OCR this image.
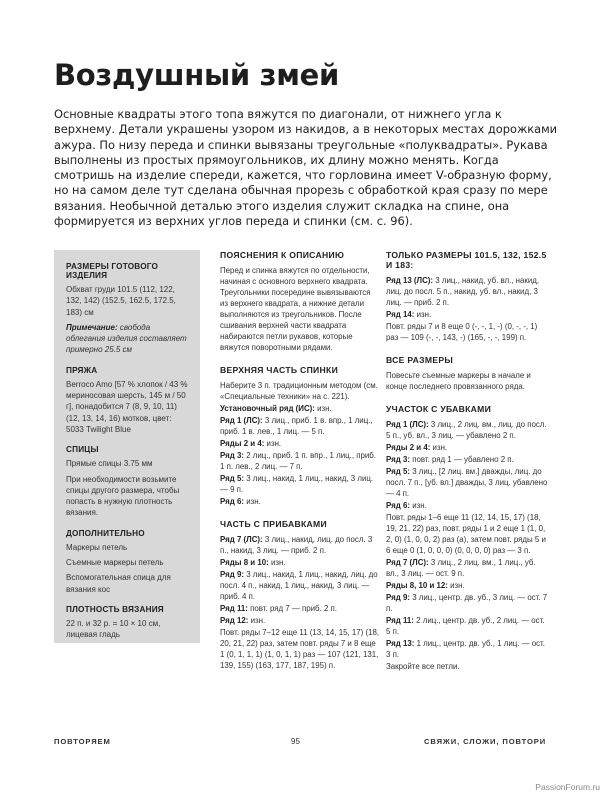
Воздушный змей

Основные квадраты этого топа вяжутся по диагонали, от нижнего угла к верхнему. Детали украшены узором из накидов, а в некоторых местах дорожками ажура. По низу переда и спинки вывязаны треугольные «полуквадраты». Рукава выполнены из простых прямоугольников, их длину можно менять. Когда смотришь на изделие спереди, кажется, что горловина имеет V-образную форму, но на самом деле тут сделана обычная прорезь с обработкой края сразу по мере вязания. Необычной деталью этого изделия служит складка на спине, она формируется из верхних углов переда и спинки (см. с. 96).

РАЗМЕРЫ ГОТОВОГО ИЗДЕЛИЯ
Обхват груди 101.5 (112, 122, 132, 142) (152.5, 162.5, 172.5, 183) см
Примечание: свобода облегания изделия составляет примерно 25.5 см
ПРЯЖА
Berroco Amo [57 % хлопок / 43 % мериносовая шерсть, 145 м / 50 г], понадобится 7 (8, 9, 10, 11) (12, 13, 14, 16) мотков, цвет: 5033 Twilight Blue
СПИЦЫ
Прямые спицы 3.75 мм
При необходимости возьмите спицы другого размера, чтобы попасть в нужную плотность вязания.
ДОПОЛНИТЕЛЬНО
Маркеры петель
Съемные маркеры петель
Вспомогательная спица для вязания кос
ПЛОТНОСТЬ ВЯЗАНИЯ
22 п. и 32 р. = 10 × 10 см, лицевая гладь
ПОЯСНЕНИЯ К ОПИСАНИЮ
Перед и спинка вяжутся по отдельности, начиная с основного верхнего квадрата. Треугольники посередине вывязываются из верхнего квадрата, а нижние детали выполняются из треугольников. После сшивания верхней части квадрата набираются петли рукавов, которые вяжутся поворотными рядами.
ВЕРХНЯЯ ЧАСТЬ СПИНКИ
Наберите 3 п. традиционным методом (см. «Специальные техники» на с. 221).
Установочный ряд (ИС): изн.
Ряд 1 (ЛС): 3 лиц., приб. 1 в. впр., 1 лиц., приб. 1 в. лев., 1 лиц. — 5 п.
Ряды 2 и 4: изн.
Ряд 3: 2 лиц., приб. 1 п. впр., 1 лиц., приб. 1 п. лев., 2 лиц. — 7 п.
Ряд 5: 3 лиц., накид, 1 лиц., накид, 3 лиц. — 9 п.
Ряд 6: изн.
ЧАСТЬ С ПРИБАВКАМИ
Ряд 7 (ЛС): 3 лиц., накид, лиц. до посл. 3 п., накид, 3 лиц. — приб. 2 п.
Ряды 8 и 10: изн.
Ряд 9: 3 лиц., накид, 1 лиц., накид, лиц. до посл. 4 п., накид, 1 лиц., накид, 3 лиц. — приб. 4 п.
Ряд 11: повт. ряд 7 — приб. 2 п.
Ряд 12: изн.
Повт. ряды 7–12 еще 11 (13, 14, 15, 17) (18, 20, 21, 22) раз, затем повт. ряды 7 и 8 еще 1 (0, 1, 1, 1) (1, 0, 1, 1) раз — 107 (121, 131, 139, 155) (163, 177, 187, 195) п.
ТОЛЬКО РАЗМЕРЫ 101.5, 132, 152.5 И 183:
Ряд 13 (ЛС): 3 лиц., накид, уб. вл., накид, лиц. до посл. 5 п., накид, уб. вл., накид, 3 лиц. — приб. 2 п.
Ряд 14: изн.
Повт. ряды 7 и 8 еще 0 (-, -, 1, -) (0, -, -, 1) раз — 109 (-, -, 143, -) (165, -, -, 199) п.
ВСЕ РАЗМЕРЫ
Повесьте съемные маркеры в начале и конце последнего провязанного ряда.
УЧАСТОК С УБАВКАМИ
Ряд 1 (ЛС): 3 лиц., 2 лиц. вм., лиц. до посл. 5 п., уб. вл., 3 лиц. — убавлено 2 п.
Ряды 2 и 4: изн.
Ряд 3: повт. ряд 1 — убавлено 2 п.
Ряд 5: 3 лиц., [2 лиц. вм.] дважды, лиц. до посл. 7 п., [уб. вл.] дважды, 3 лиц. убавлено — 4 п.
Ряд 6: изн.
Повт. ряды 1–6 еще 11 (12, 14, 15, 17) (18, 19, 21, 22) раз, повт. ряды 1 и 2 еще 1 (1, 0, 2, 0) (1, 0, 0, 2) раз (а), затем повт. ряды 5 и 6 еще 0 (1, 0, 0, 0) (0, 0, 0, 0) раз — 3 п.
Ряд 7 (ЛС): 3 лиц., 2 лиц. вм., 1 лиц., уб. вл., 3 лиц. — ост. 9 п.
Ряды 8, 10 и 12: изн.
Ряд 9: 3 лиц., центр. дв. уб., 3 лиц. — ост. 7 п.
Ряд 11: 2 лиц., центр. дв. уб., 2 лиц. — ост. 5 п.
Ряд 13: 1 лиц., центр. дв. уб., 1 лиц. — ост. 3 п.
Закройте все петли.
ПОВТОРЯЕМ	95	СВЯЖИ, СЛОЖИ, ПОВТОРИ
PassionForum.ru
